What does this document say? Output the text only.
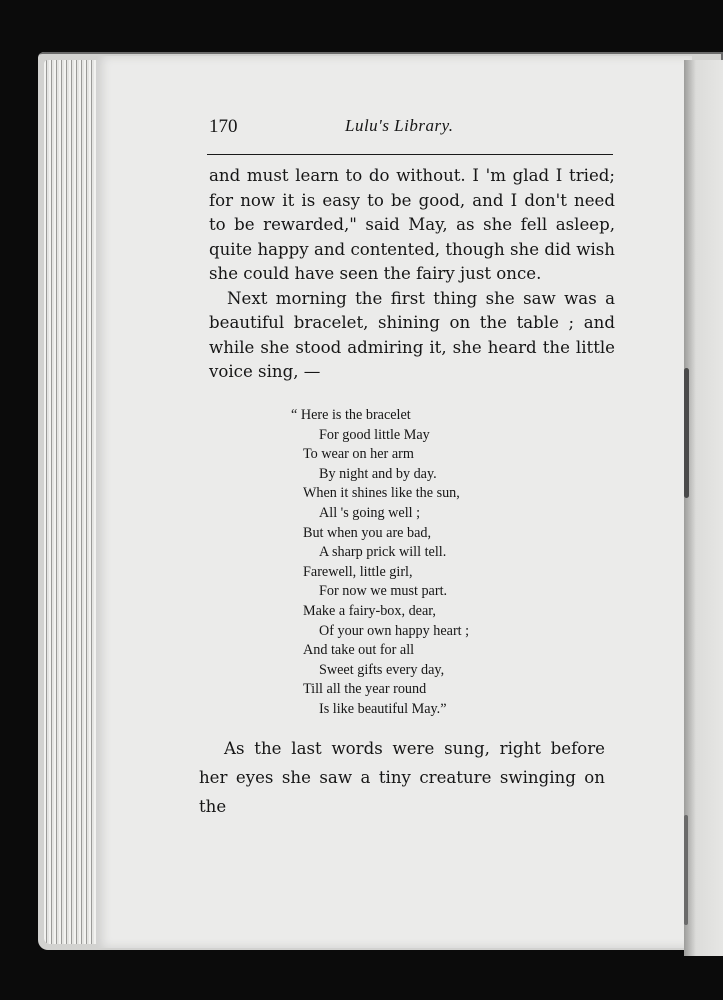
170	Lulu's Library.

and must learn to do without. I 'm glad I tried; for now it is easy to be good, and I don't need to be rewarded," said May, as she fell asleep, quite happy and contented, though she did wish she could have seen the fairy just once.

Next morning the first thing she saw was a beautiful bracelet, shining on the table ; and while she stood admiring it, she heard the little voice sing, —

“ Here is the bracelet
For good little May
To wear on her arm
By night and by day.
When it shines like the sun,
All 's going well ;
But when you are bad,
A sharp prick will tell.
Farewell, little girl,
For now we must part.
Make a fairy-box, dear,
Of your own happy heart ;
And take out for all
Sweet gifts every day,
Till all the year round
Is like beautiful May.”

As the last words were sung, right before her eyes she saw a tiny creature swinging on the
